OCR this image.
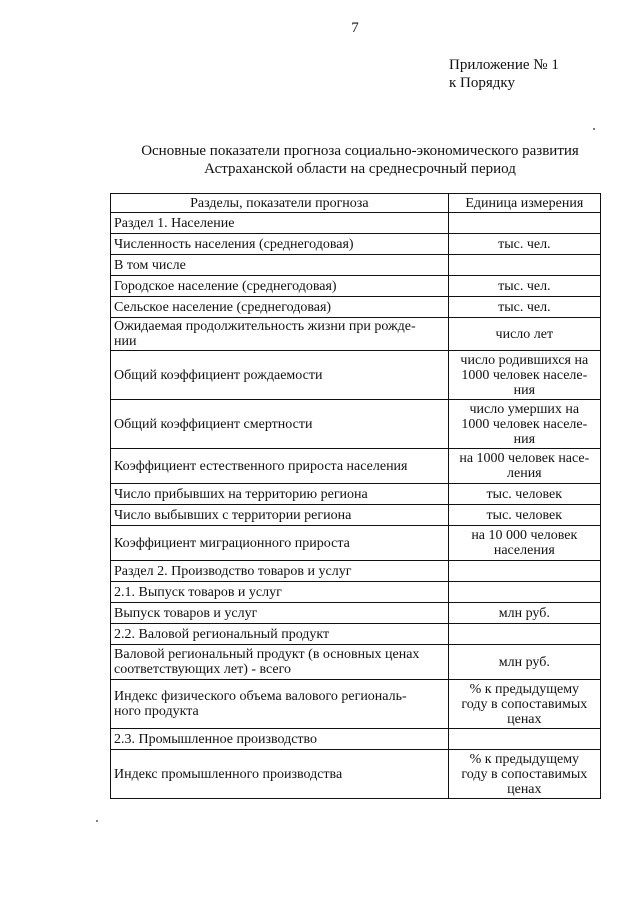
7
Приложение № 1
к Порядку
Основные показатели прогноза социально-экономического развития
Астраханской области на среднесрочный период
Разделы, показатели прогноза	Единица измерения
Раздел 1. Население	
Численность населения (среднегодовая)	тыс. чел.
В том числе	
Городское население (среднегодовая)	тыс. чел.
Сельское население (среднегодовая)	тыс. чел.
Ожидаемая продолжительность жизни при рожде-
нии	число лет
Общий коэффициент рождаемости	число родившихся на
1000 человек населе-
ния
Общий коэффициент смертности	число умерших на
1000 человек населе-
ния
Коэффициент естественного прироста населения	на 1000 человек насе-
ления
Число прибывших на территорию региона	тыс. человек
Число выбывших с территории региона	тыс. человек
Коэффициент миграционного прироста	на 10 000 человек
населения
Раздел 2. Производство товаров и услуг	
2.1. Выпуск товаров и услуг	
Выпуск товаров и услуг	млн руб.
2.2. Валовой региональный продукт	
Валовой региональный продукт (в основных ценах
соответствующих лет) - всего	млн руб.
Индекс физического объема валового региональ-
ного продукта	% к предыдущему
году в сопоставимых
ценах
2.3. Промышленное производство	
Индекс промышленного производства	% к предыдущему
году в сопоставимых
ценах
